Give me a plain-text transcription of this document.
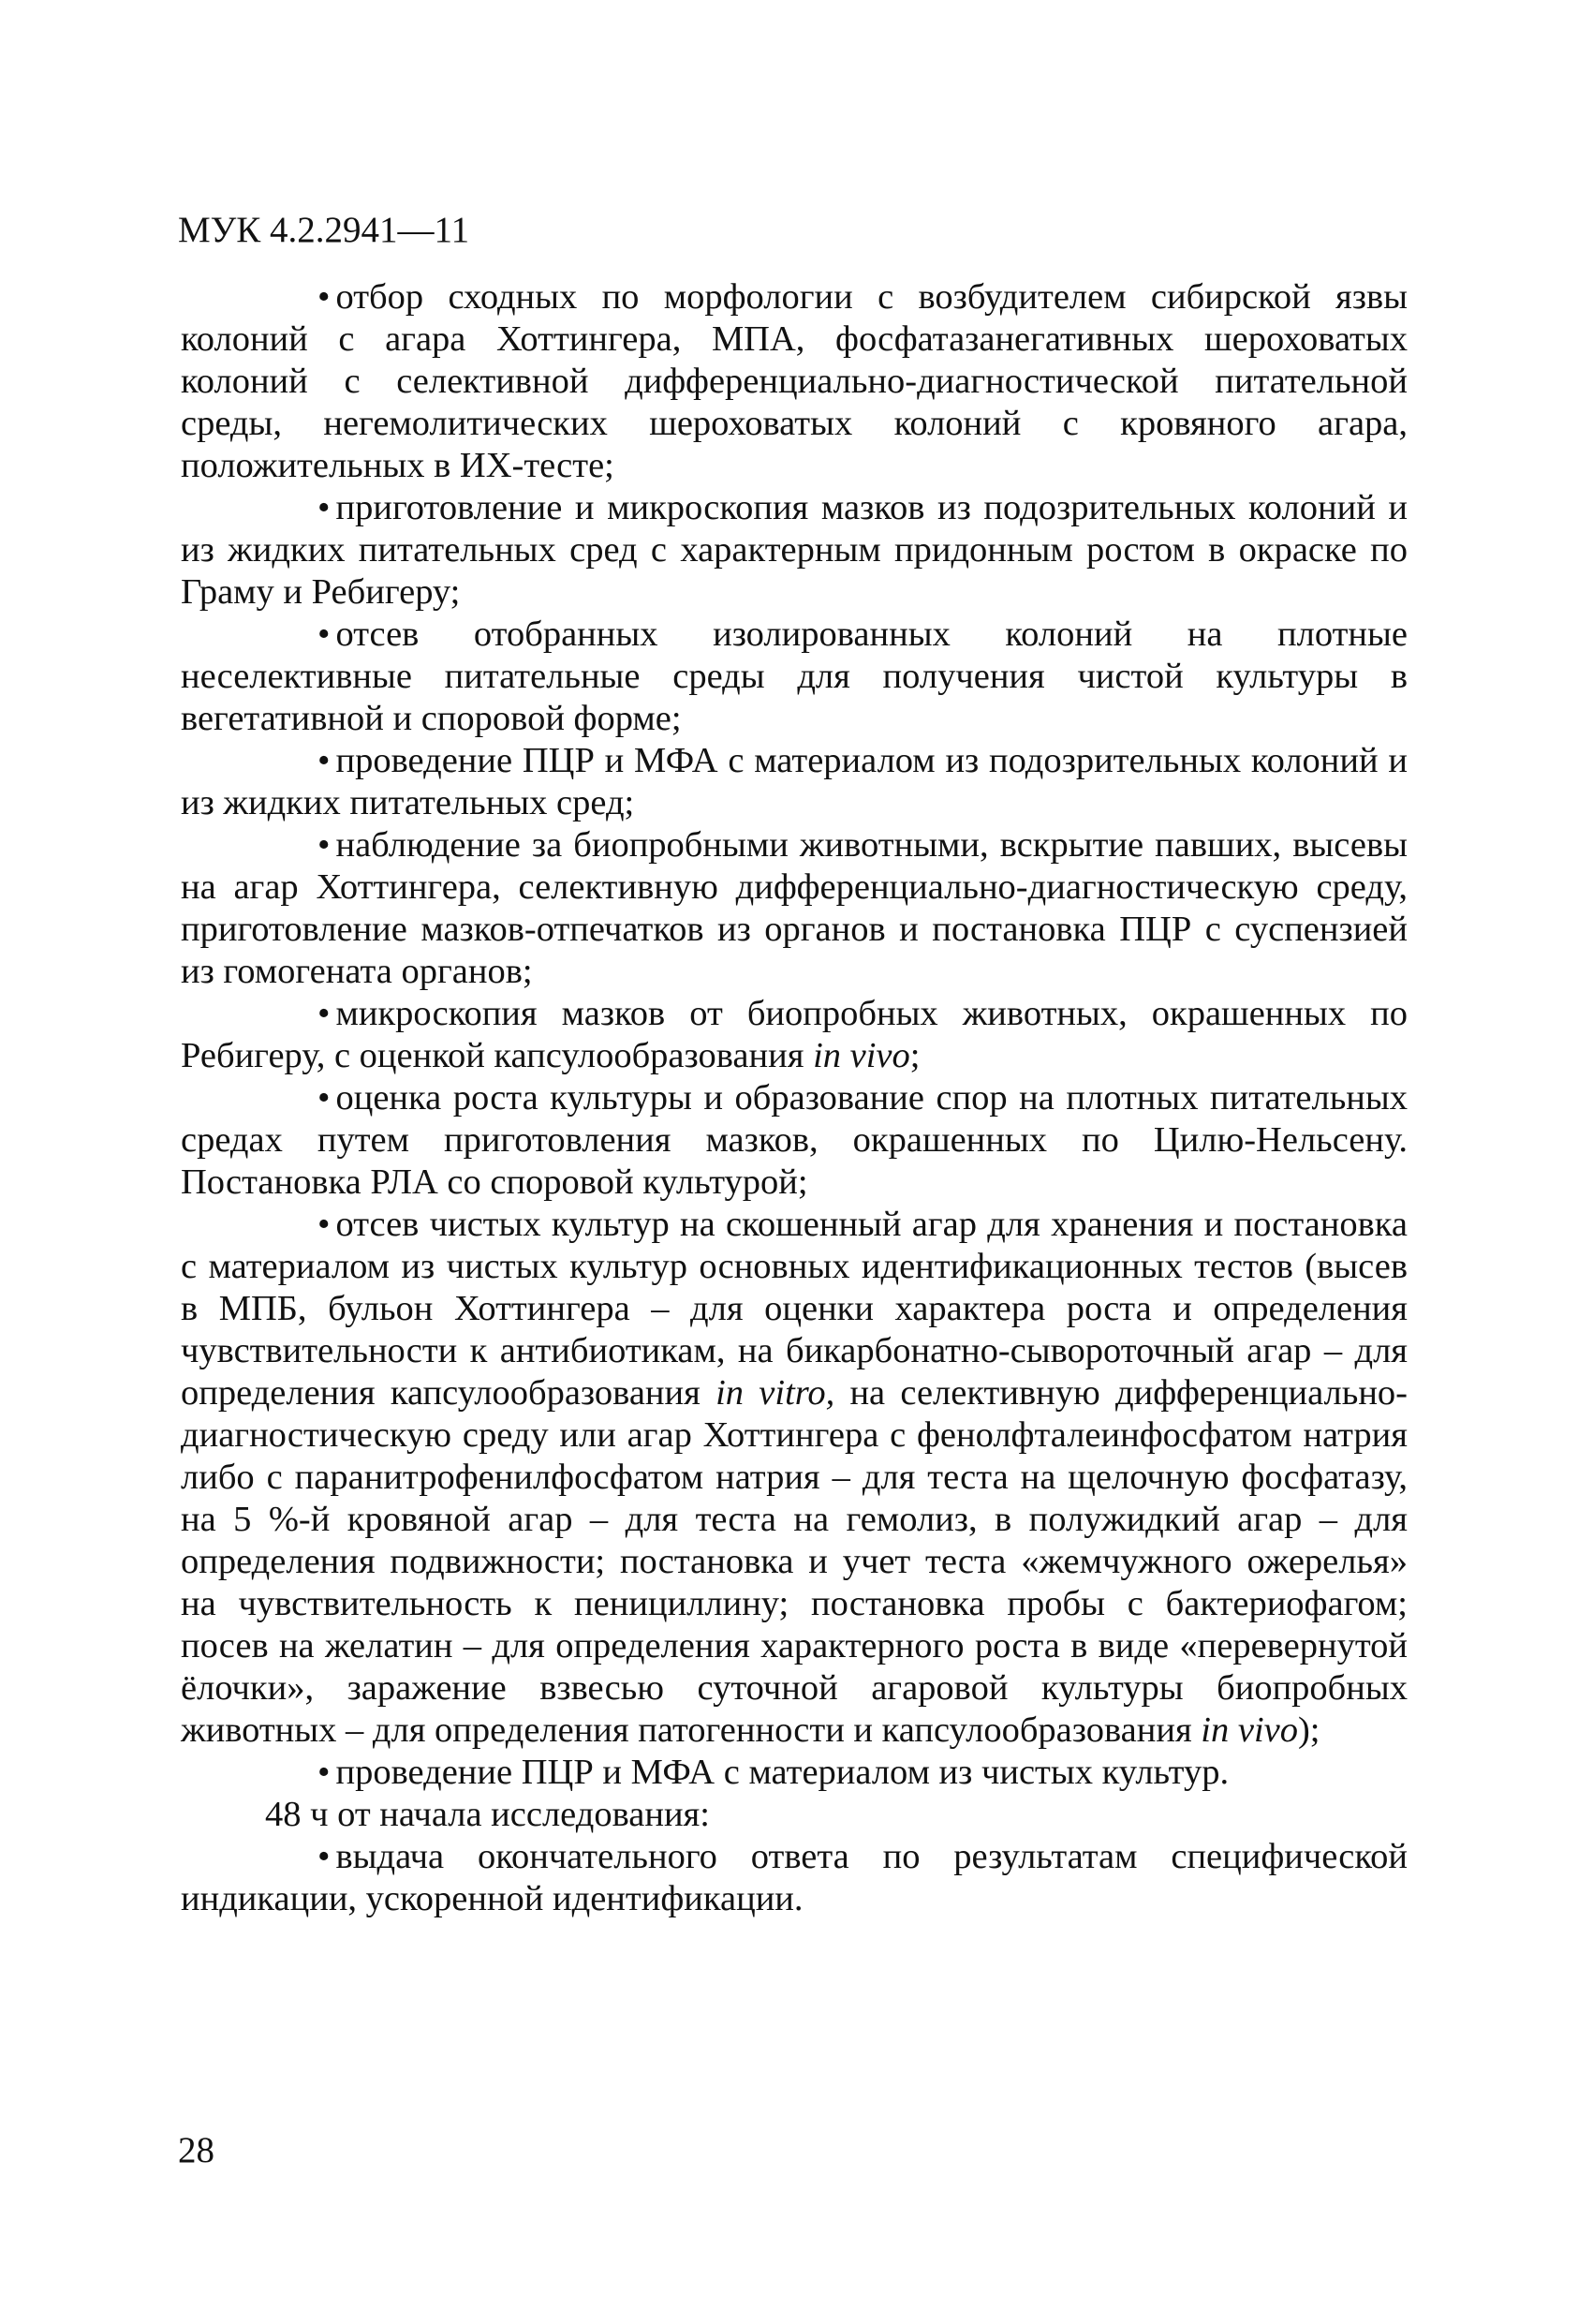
МУК 4.2.2941—11

• отбор сходных по морфологии с возбудителем сибирской язвы колоний с агара Хоттингера, МПА, фосфатазанегативных шероховатых колоний с селективной дифференциально-диагностической питательной среды, негемолитических шероховатых колоний с кровяного агара, положительных в ИХ-тесте;

• приготовление и микроскопия мазков из подозрительных колоний и из жидких питательных сред с характерным придонным ростом в окраске по Граму и Ребигеру;

• отсев отобранных изолированных колоний на плотные неселективные питательные среды для получения чистой культуры в вегетативной и споровой форме;

• проведение ПЦР и МФА с материалом из подозрительных колоний и из жидких питательных сред;

• наблюдение за биопробными животными, вскрытие павших, высевы на агар Хоттингера, селективную дифференциально-диагностическую среду, приготовление мазков-отпечатков из органов и постановка ПЦР с суспензией из гомогената органов;

• микроскопия мазков от биопробных животных, окрашенных по Ребигеру, с оценкой капсулообразования in vivo;

• оценка роста культуры и образование спор на плотных питательных средах путем приготовления мазков, окрашенных по Цилю-Нельсену. Постановка РЛА со споровой культурой;

• отсев чистых культур на скошенный агар для хранения и постановка с материалом из чистых культур основных идентификационных тестов (высев в МПБ, бульон Хоттингера – для оценки характера роста и определения чувствительности к антибиотикам, на бикарбонатно-сывороточный агар – для определения капсулообразования in vitro, на селективную дифференциально-диагностическую среду или агар Хоттингера с фенолфталеинфосфатом натрия либо с паранитрофенилфосфатом натрия – для теста на щелочную фосфатазу, на 5 %-й кровяной агар – для теста на гемолиз, в полужидкий агар – для определения подвижности; постановка и учет теста «жемчужного ожерелья» на чувствительность к пенициллину; постановка пробы с бактериофагом; посев на желатин – для определения характерного роста в виде «перевернутой ёлочки», заражение взвесью суточной агаровой культуры биопробных животных – для определения патогенности и капсулообразования in vivo);

• проведение ПЦР и МФА с материалом из чистых культур.

48 ч от начала исследования:

• выдача окончательного ответа по результатам специфической индикации, ускоренной идентификации.

28
